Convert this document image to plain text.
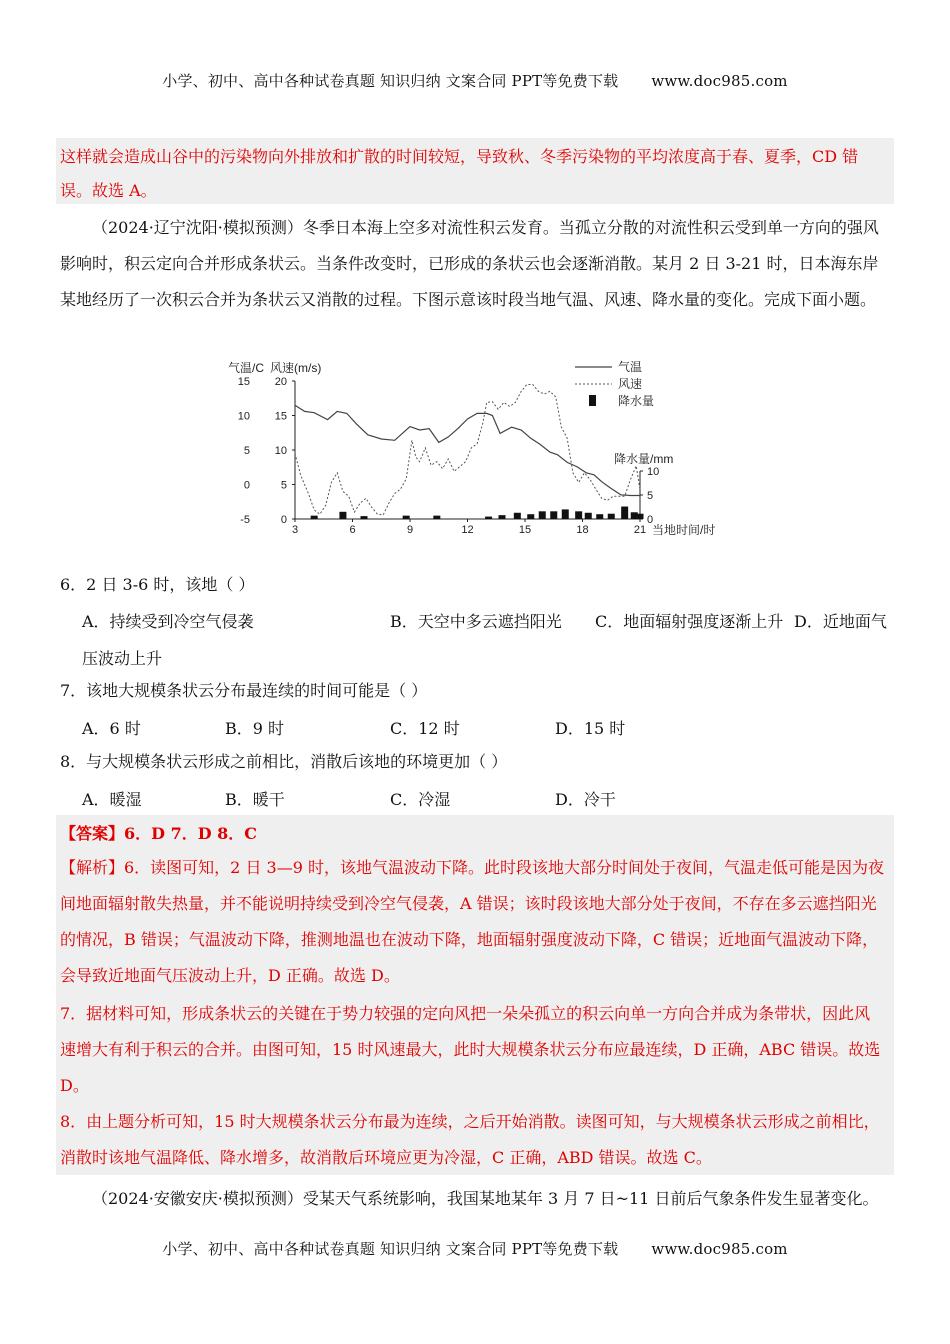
小学、初中、高中各种试卷真题 知识归纳 文案合同 PPT等免费下载 www.doc985.com
这样就会造成山谷中的污染物向外排放和扩散的时间较短，导致秋、冬季污染物的平均浓度高于春、夏季，CD 错
误。故选 A。
（2024·辽宁沈阳·模拟预测）冬季日本海上空多对流性积云发育。当孤立分散的对流性积云受到单一方向的强风影响时，积云定向合并形成条状云。当条件改变时，已形成的条状云也会逐渐消散。某月 2 日 3-21 时，日本海东岸某地经历了一次积云合并为条状云又消散的过程。下图示意该时段当地气温、风速、降水量的变化。完成下面小题。
气温/C 风速(m/s)
降水量/mm
当地时间/时
15
10
5
0
-5
20
15
10
5
0
10
5
0
3	6	9	12	15	18	21
气温
风速
降水量
6．2 日 3-6 时，该地（ ）
A．持续受到冷空气侵袭	B．天空中多云遮挡阳光 C．地面辐射强度逐渐上升 D．近地面气
压波动上升
7．该地大规模条状云分布最连续的时间可能是（ ）
A．6 时	B．9 时	C．12 时	D．15 时
8．与大规模条状云形成之前相比，消散后该地的环境更加（ ）
A．暖湿	B．暖干	C．冷湿	D．冷干
【答案】6．D 7．D 8．C
【解析】6．读图可知，2 日 3—9 时，该地气温波动下降。此时段该地大部分时间处于夜间，气温走低可能是因为夜间地面辐射散失热量，并不能说明持续受到冷空气侵袭，A 错误；该时段该地大部分处于夜间，不存在多云遮挡阳光的情况，B 错误；气温波动下降，推测地温也在波动下降，地面辐射强度波动下降，C 错误；近地面气温波动下降，会导致近地面气压波动上升，D 正确。故选 D。
7．据材料可知，形成条状云的关键在于势力较强的定向风把一朵朵孤立的积云向单一方向合并成为条带状，因此风速增大有利于积云的合并。由图可知，15 时风速最大，此时大规模条状云分布应最连续，D 正确，ABC 错误。故选 D。
8．由上题分析可知，15 时大规模条状云分布最为连续，之后开始消散。读图可知，与大规模条状云形成之前相比，消散时该地气温降低、降水增多，故消散后环境应更为冷湿，C 正确，ABD 错误。故选 C。
（2024·安徽安庆·模拟预测）受某天气系统影响，我国某地某年 3 月 7 日~11 日前后气象条件发生显著变化。
小学、初中、高中各种试卷真题 知识归纳 文案合同 PPT等免费下载 www.doc985.com
